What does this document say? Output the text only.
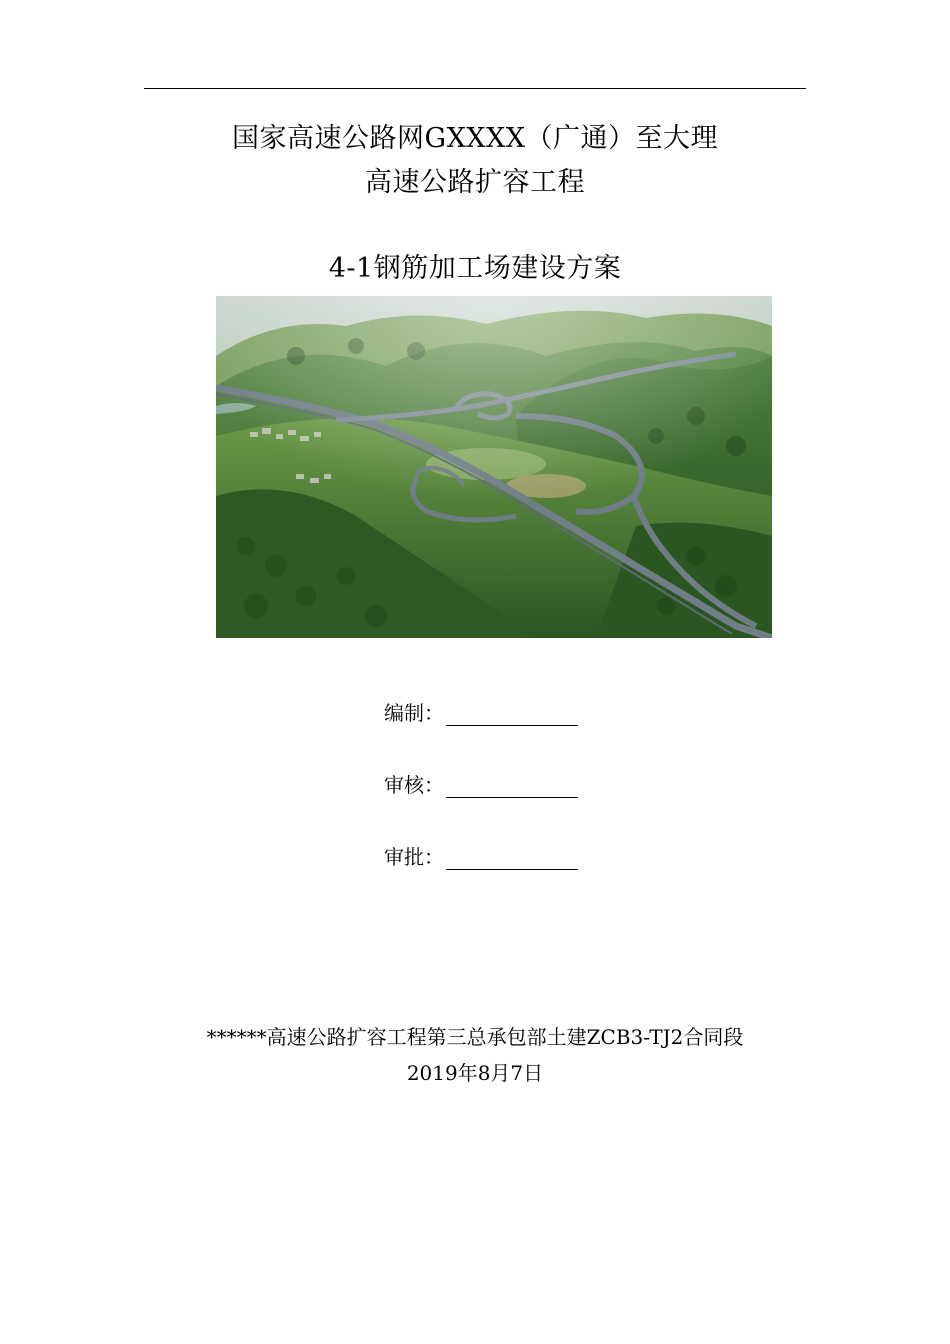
国家高速公路网GXXXX（广通）至大理
高速公路扩容工程
4-1钢筋加工场建设方案
编制：
审核：
审批：
******高速公路扩容工程第三总承包部土建ZCB3-TJ2合同段
2019年8月7日
